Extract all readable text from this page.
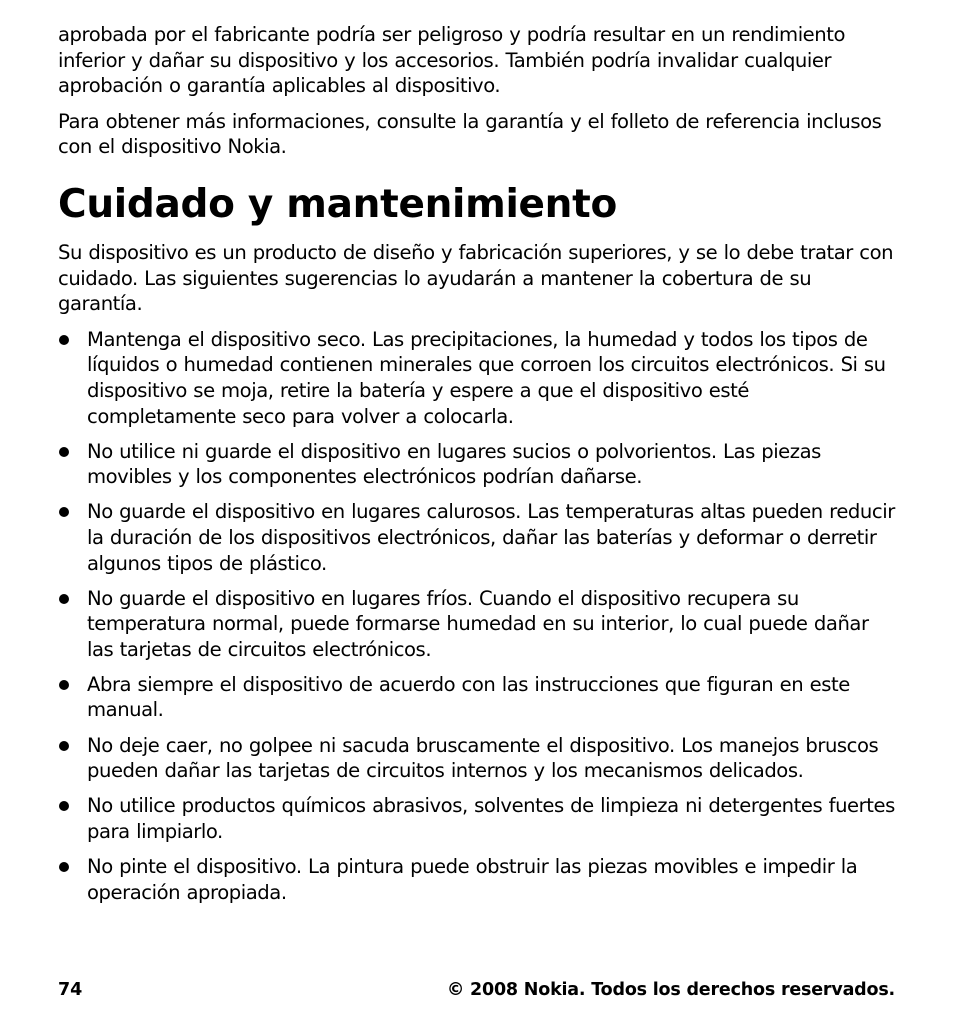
aprobada por el fabricante podría ser peligroso y podría resultar en un rendimiento inferior y dañar su dispositivo y los accesorios. También podría invalidar cualquier aprobación o garantía aplicables al dispositivo.

Para obtener más informaciones, consulte la garantía y el folleto de referencia inclusos con el dispositivo Nokia.

Cuidado y mantenimiento

Su dispositivo es un producto de diseño y fabricación superiores, y se lo debe tratar con cuidado. Las siguientes sugerencias lo ayudarán a mantener la cobertura de su garantía.

Mantenga el dispositivo seco. Las precipitaciones, la humedad y todos los tipos de líquidos o humedad contienen minerales que corroen los circuitos electrónicos. Si su dispositivo se moja, retire la batería y espere a que el dispositivo esté completamente seco para volver a colocarla.
No utilice ni guarde el dispositivo en lugares sucios o polvorientos. Las piezas movibles y los componentes electrónicos podrían dañarse.
No guarde el dispositivo en lugares calurosos. Las temperaturas altas pueden reducir la duración de los dispositivos electrónicos, dañar las baterías y deformar o derretir algunos tipos de plástico.
No guarde el dispositivo en lugares fríos. Cuando el dispositivo recupera su temperatura normal, puede formarse humedad en su interior, lo cual puede dañar las tarjetas de circuitos electrónicos.
Abra siempre el dispositivo de acuerdo con las instrucciones que figuran en este manual.
No deje caer, no golpee ni sacuda bruscamente el dispositivo. Los manejos bruscos pueden dañar las tarjetas de circuitos internos y los mecanismos delicados.
No utilice productos químicos abrasivos, solventes de limpieza ni detergentes fuertes para limpiarlo.
No pinte el dispositivo. La pintura puede obstruir las piezas movibles e impedir la operación apropiada.
74	© 2008 Nokia. Todos los derechos reservados.
